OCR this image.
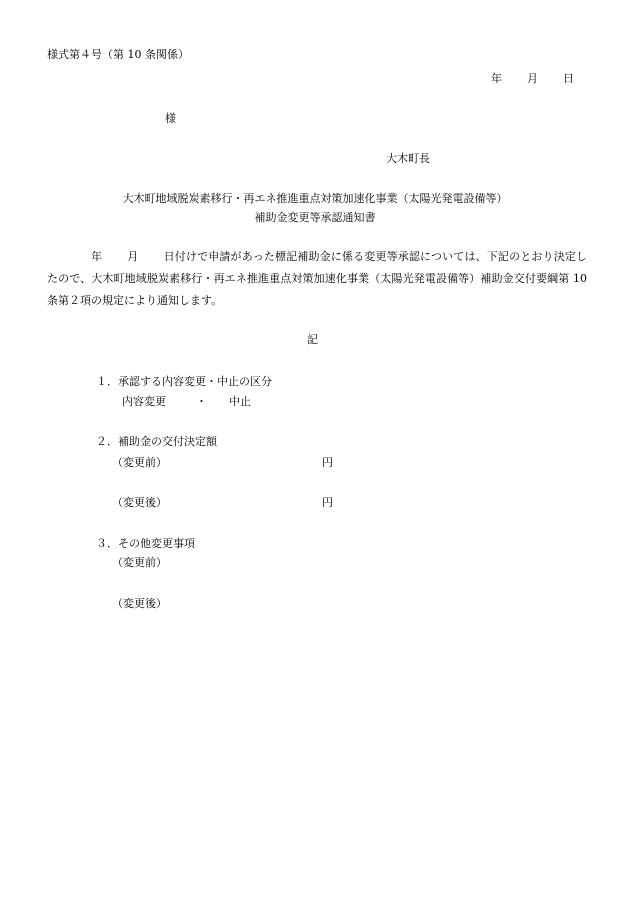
様式第４号（第 10 条関係）
年 月 日
様
大木町長
大木町地域脱炭素移行・再エネ推進重点対策加速化事業（太陽光発電設備等）
補助金変更等承認通知書
年 月 日付けで申請があった標記補助金に係る変更等承認については、下記のとおり決定したので、大木町地域脱炭素移行・再エネ推進重点対策加速化事業（太陽光発電設備等）補助金交付要綱第 10 条第２項の規定により通知します。
記
１．承認する内容変更・中止の区分
内容変更	・ 中止
２．補助金の交付決定額
（変更前）	円
（変更後）	円
３．その他変更事項
（変更前）
（変更後）
